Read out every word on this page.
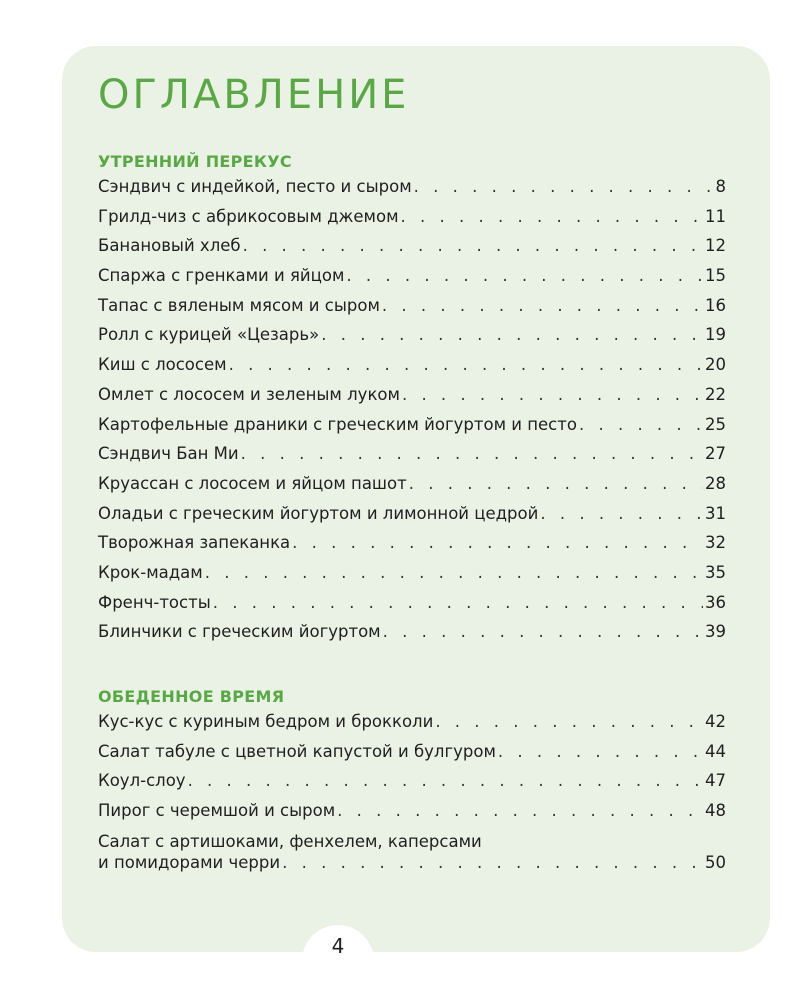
ОГЛАВЛЕНИЕ
УТРЕННИЙ ПЕРЕКУС
Сэндвич с индейкой, песто и сыром . . .	8
Грилд-чиз с абрикосовым джемом . . .	11
Банановый хлеб . . .	12
Спаржа с гренками и яйцом . . .	15
Тапас с вяленым мясом и сыром . . .	16
Ролл с курицей «Цезарь» . . .	19
Киш с лососем . . .	20
Омлет с лососем и зеленым луком . . .	22
Картофельные драники с греческим йогуртом и песто . . .	25
Сэндвич Бан Ми . . .	27
Круассан с лососем и яйцом пашот . . .	28
Оладьи с греческим йогуртом и лимонной цедрой . . .	31
Творожная запеканка . . .	32
Крок-мадам . . .	35
Френч-тосты . . .	36
Блинчики с греческим йогуртом . . .	39
ОБЕДЕННОЕ ВРЕМЯ
Кус-кус с куриным бедром и брокколи . . .	42
Салат табуле с цветной капустой и булгуром . . .	44
Коул-слоу . . .	47
Пирог с черемшой и сыром . . .	48
Салат с артишоками, фенхелем, каперсами
и помидорами черри . . .	50
4
